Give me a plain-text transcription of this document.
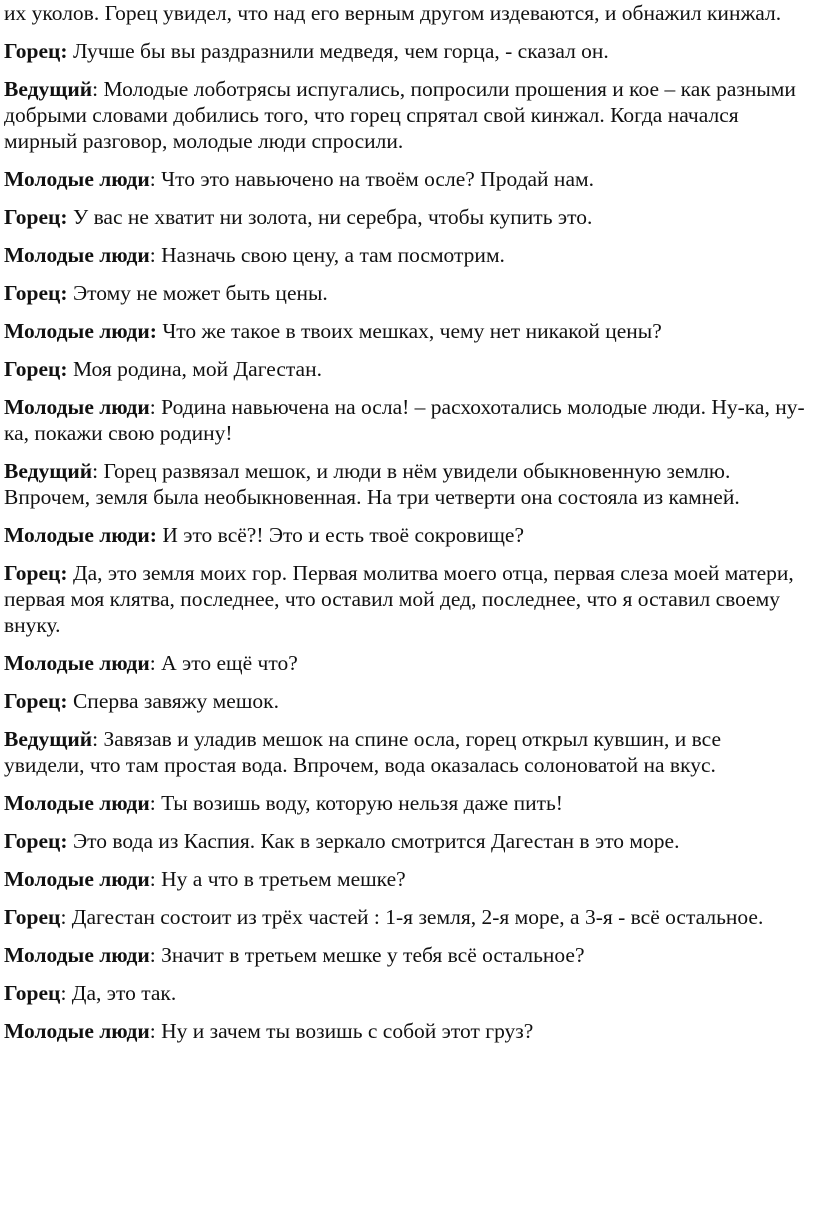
их уколов. Горец увидел, что над его верным другом издеваются, и обнажил кинжал.

Горец: Лучше бы вы раздразнили медведя, чем горца, - сказал он.

Ведущий: Молодые лоботрясы испугались, попросили прошения и кое – как разными добрыми словами добились того, что горец спрятал свой кинжал. Когда начался мирный разговор, молодые люди спросили.

Молодые люди: Что это навьючено на твоём осле? Продай нам.

Горец: У вас не хватит ни золота, ни серебра, чтобы купить это.

Молодые люди: Назначь свою цену, а там посмотрим.

Горец: Этому не может быть цены.

Молодые люди: Что же такое в твоих мешках, чему нет никакой цены?

Горец: Моя родина, мой Дагестан.

Молодые люди: Родина навьючена на осла! – расхохотались молодые люди. Ну-ка, ну-ка, покажи свою родину!

Ведущий: Горец развязал мешок, и люди в нём увидели обыкновенную землю. Впрочем, земля была необыкновенная. На три четверти она состояла из камней.

Молодые люди: И это всё?! Это и есть твоё сокровище?

Горец: Да, это земля моих гор. Первая молитва моего отца, первая слеза моей матери, первая моя клятва, последнее, что оставил мой дед, последнее, что я оставил своему внуку.

Молодые люди: А это ещё что?

Горец: Сперва завяжу мешок.

Ведущий: Завязав и уладив мешок на спине осла, горец открыл кувшин, и все увидели, что там простая вода. Впрочем, вода оказалась солоноватой на вкус.

Молодые люди: Ты возишь воду, которую нельзя даже пить!

Горец: Это вода из Каспия. Как в зеркало смотрится Дагестан в это море.

Молодые люди: Ну а что в третьем мешке?

Горец: Дагестан состоит из трёх частей : 1-я земля, 2-я море, а 3-я - всё остальное.

Молодые люди: Значит в третьем мешке у тебя всё остальное?

Горец: Да, это так.

Молодые люди: Ну и зачем ты возишь с собой этот груз?
